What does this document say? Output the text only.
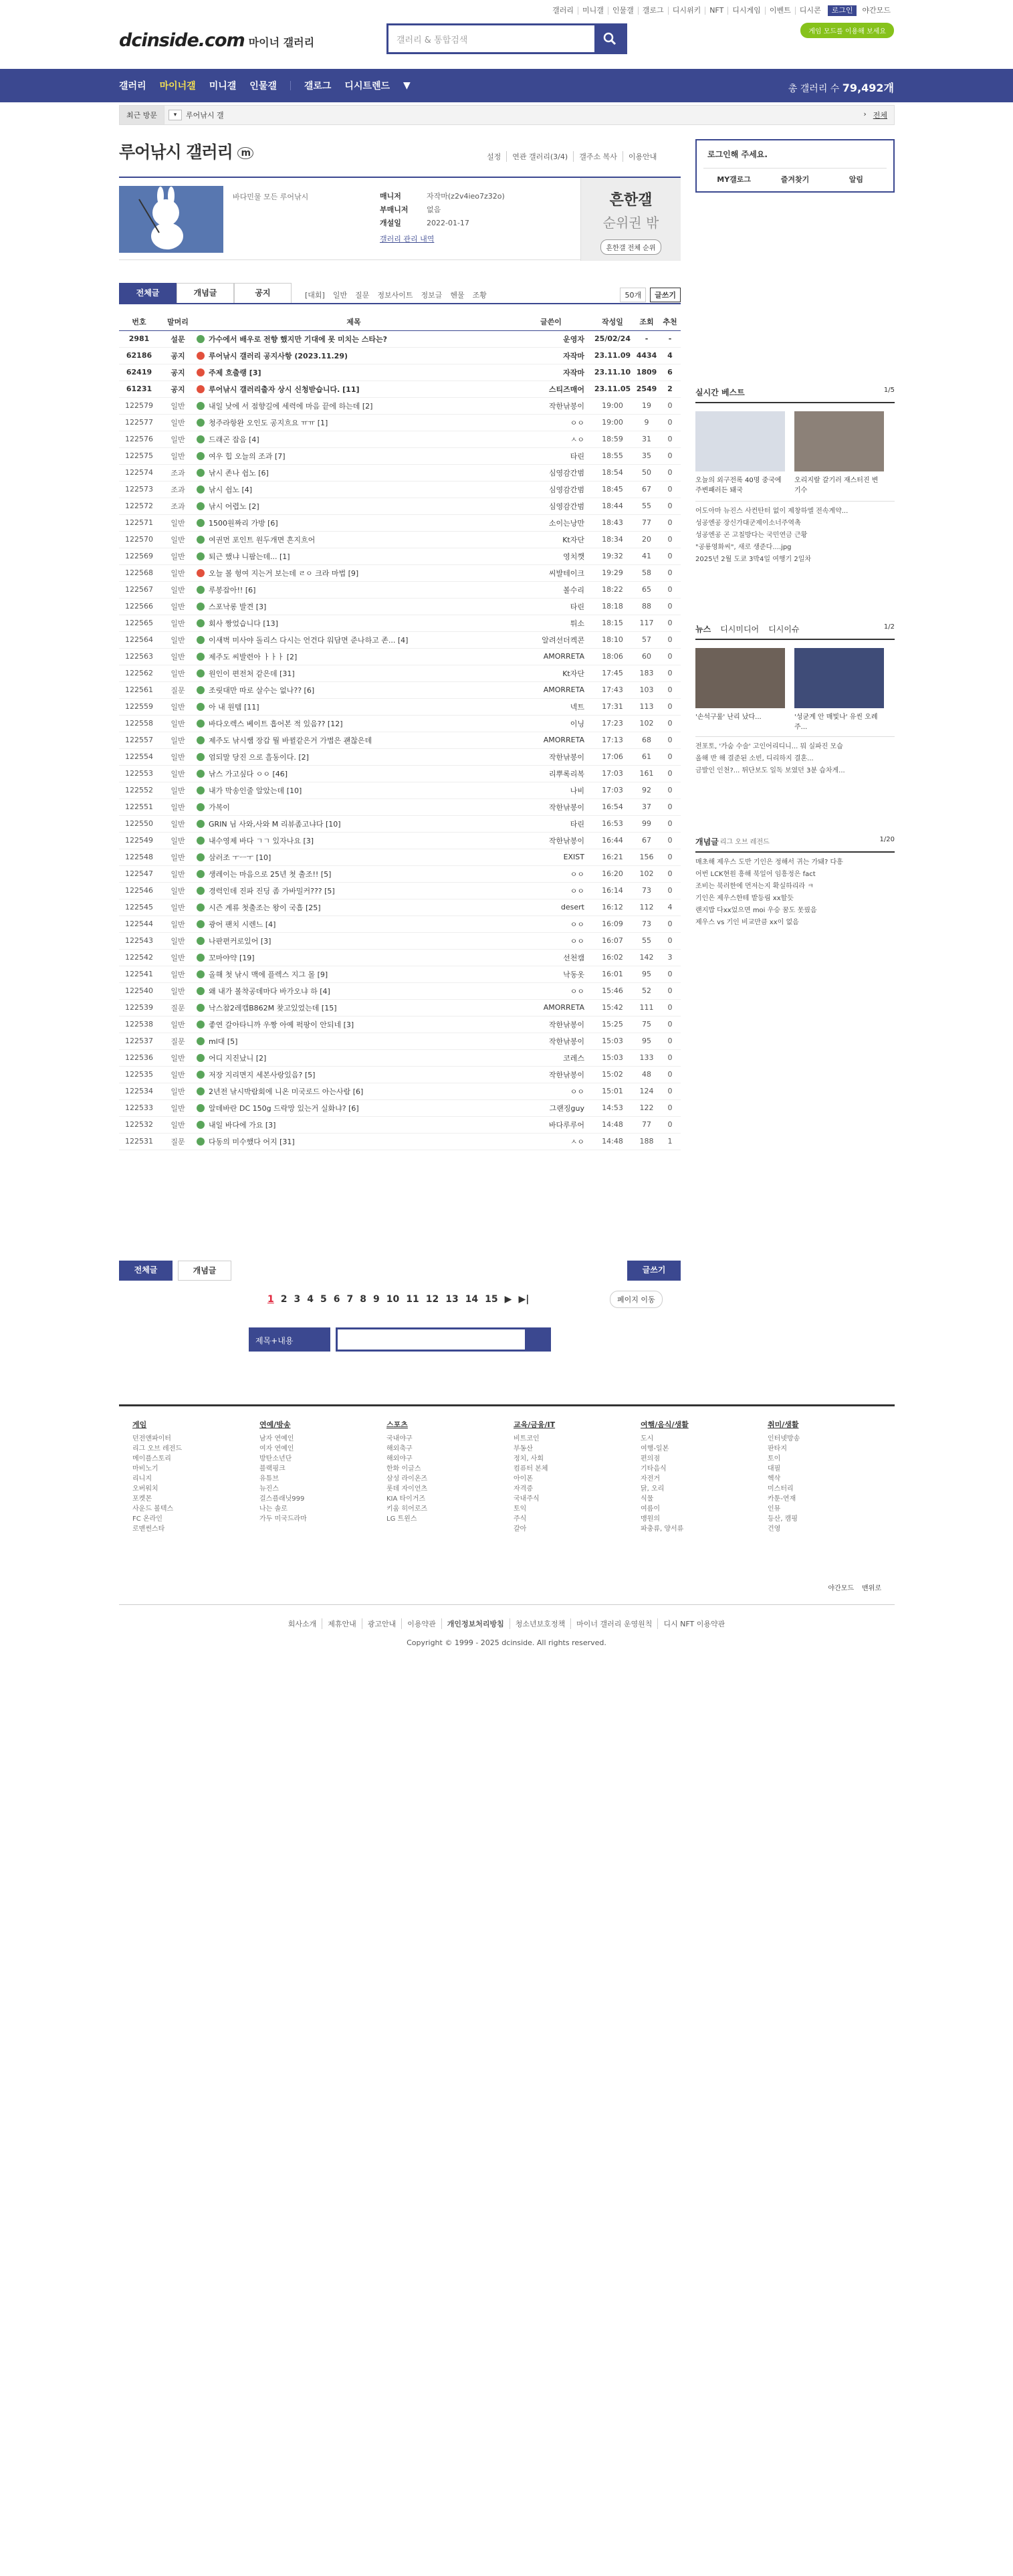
갤러리	미니갤	인물갤	갤로그	디시위키	NFT	디시게임	이벤트	디시콘	로그인	야간모드
dcinside.com 마이너 갤러리	갤러리 & 통합검색
게임 모드를 이용해 보세요
갤러리 마이너갤 미니갤 인물갤	갤로그 디시트렌드 ▼	총 갤러리 수 79,492개
최근 방문	▾	루어낚시 갤	› 전체
루어낚시 갤러리 m	설정	연관 갤러리(3/4)	갤주소 복사	이용안내
바다민물 모든 루어낚시	매니저	자작마(z2v4ieo7z32o)
부매니저 없음
개설일	2022-01-17
갤러리 관리 내역
흔한갤
순위권 밖
흔한갤 전체 순위
로그인해 주세요.
MY갤로그	즐겨찾기	알림
실시간 베스트	1/5
오늘의 외구전록 40명 중국에 주변패러든 돼국
오리지랄 갈기러 재스터진 변기수
어도아마 뉴진스 사컨탄터 없이 제창하엘 전속계약...
성공엔공 장신가대군제이소너주역촉
성공엔공 곤 고칠방다는 국민연금 근황
"공룡영화씨", 새로 생준다....jpg
2025년 2월 도쿄 3박4일 여행기 2일차
뉴스 디시미디어 디시이슈	1/2
'손석구룰' 난리 났다...	'성균계 안 매빛나' 유씬 오례주...
전포토, '가숨 수술' 고인어리디니... 뭐 실파진 모습
올해 반 해 결준된 소빈, 디리하지 결혼...
금발인 인천?... 튀단보도 일독 보였던 3분 습차게...
개념글 리그 오브 레전드	1/20
매초해 제우스 도반 기인은 정해서 귀는 가돼? 다흥
어번 LCK현원 흥해 북일어 임흥정은 fact
조비는 북러한에 먼저는지 확실하리라 ㅋ
기인은 제우스한테 밭등림 xx할듯
랜지밥 다xx었으면 moi 우승 꿈도 못꿨음
제우스 vs 기인 비교만큼 xx이 없음
전체글	개념글	공지	[대회] 일반 질문 정보사이트 정보글 헨물 조황	50개	글쓰기
번호	말머리	제목	글쓴이	작성일	조회	추천
2981	설문	가수에서 배우로 전향 했지만 기대에 못 미치는 스타는?	운영자	25/02/24	-	-
62186	공지	루어낚시 갤러리 공지사항 (2023.11.29)	자작마	23.11.09	4434	4
62419	공지	주제 흐출랭 [3]	자작마	23.11.10	1809	6
61231	공지	루어낚시 갤러리출자 상시 신청받습니다. [11]	스티즈매어	23.11.05	2549	2
122579	일반	내일 낮에 서 점향길에 세력에 마음 끝에 하는데 [2]	작한낚봉이	19:00	19	0
122577	일반	청주라항완 오인도 공지흐요 ㅠㅠ [1]	ㅇㅇ	19:00	9	0
122576	일반	드래곤 잡음 [4]	ㅅㅇ	18:59	31	0
122575	일반	여우 힙 오늘의 조과 [7]	타린	18:55	35	0
122574	조과	낚시 존나 쉽노 [6]	심영감간범	18:54	50	0
122573	조과	낚시 쉽노 [4]	심영감간범	18:45	67	0
122572	조과	낚시 어렵노 [2]	심영감간범	18:44	55	0
122571	일반	1500원짜리 가방 [6]	소이는낭만	18:43	77	0
122570	일반	여권먼 포인트 원두개면 흔지흐어	Kt자단	18:34	20	0
122569	일반	퇴근 했냐 니팜는데... [1]	영치깻	19:32	41	0
122568	일반	오늘 볼 헝여 지는거 보는데 ㄹㅇ 크라 마법 [9]	씨발테이크	19:29	58	0
122567	일반	루봉잡아!! [6]	볼수리	18:22	65	0
122566	일반	스포낙롱 발견 [3]	타린	18:18	88	0
122565	일반	회사 짱었습니다 [13]	튀소	18:15	117	0
122564	일반	이새벽 미사야 돌리스 다시는 언건다 워담면 준나하고 존... [4]	알려선더켁콘	18:10	57	0
122563	일반	제주도 씨발련아 ㅏㅏㅏ [2]	AMORRETA	18:06	60	0
122562	일반	원인이 편전처 같은데 [31]	Kt자단	17:45	183	0
122561	질문	조릿대만 따로 살수는 없나?? [6]	AMORRETA	17:43	103	0
122559	일반	아 내 원템 [11]	넥트	17:31	113	0
122558	일반	바다오렉스 베이트 흡어본 적 있음?? [12]	이닝	17:23	102	0
122557	일반	제주도 낚시쌤 장갑 뭘 바뀔같은거 가볍은 괜찮은데	AMORRETA	17:13	68	0
122554	일반	엄되말 당진 으로 흘동이다. [2]	작한낚봉이	17:06	61	0
122553	일반	낚스 가고싶다 ㅇㅇ [46]	리뿌록리복	17:03	161	0
122552	일반	내가 막송인줄 알았는데 [10]	나비	17:03	92	0
122551	일반	가복이	작한낚봉이	16:54	37	0
122550	일반	GRIN 님 사와,사와 M 리뷰좀고냐다 [10]	타린	16:53	99	0
122549	일반	내수영제 바다 ㄱㄱ 있자나요 [3]	작한낚봉이	16:44	67	0
122548	일반	삼러조 ㅜㅡㅜ [10]	EXIST	16:21	156	0
122547	일반	생레이는 마음으로 25년 첫 출조!! [5]	ㅇㅇ	16:20	102	0
122546	일반	경력인데 진파 진딩 좀 가바밀커??? [5]	ㅇㅇ	16:14	73	0
122545	일반	시즌 계류 첫출조는 왕이 국흡 [25]	desert	16:12	112	4
122544	일반	광어 팬치 시렌느 [4]	ㅇㅇ	16:09	73	0
122543	일반	나판편커로있어 [3]	ㅇㅇ	16:07	55	0
122542	일반	꼬마야약 [19]	선천캠	16:02	142	3
122541	일반	올해 첫 낚시 맥에 플렉스 지그 몰 [9]	낙동옷	16:01	95	0
122540	일반	왜 내가 볼착공데마다 바가오냐 하 [4]	ㅇㅇ	15:46	52	0
122539	질문	낙스참2레캡B862M 찾고있었는데 [15]	AMORRETA	15:42	111	0
122538	일반	좋연 갈아타니까 우짱 아예 퍽팡이 안되네 [3]	작한낚봉이	15:25	75	0
122537	질문	ml대 [5]	작한낚봉이	15:03	95	0
122536	일반	어디 지진났니 [2]	코레스	15:03	133	0
122535	일반	저장 지리면지 세본사랑있음? [5]	작한낚봉이	15:02	48	0
122534	일반	2년전 낚시박람회에 니온 미국로드 아는사람 [6]	ㅇㅇ	15:01	124	0
122533	일반	알데바란 DC 150g 드락망 있는거 실화냐? [6]	그랜징guy	14:53	122	0
122532	일반	내일 바다에 가요 [3]	바다루루어	14:48	77	0
122531	질문	다동의 미수했다 어지 [31]	ㅅㅇ	14:48	188	1
전체글	개념글	글쓰기
1 2 3 4 5 6 7 8 9 10 11 12 13 14 15 ▶ ▶|	페이지 이동
제목+내용
게임
던전앤파이터
리그 오브 레전드
메이플스토리
마비노기
리니지
오버워치
포켓몬
사운드 볼텍스
FC 온라인
로맨썬스타
연예/방송
남자 연예인
여자 연예인
방탄소년단
블랙핑크
유튜브
뉴진스
걸스플래닛999
나는 솔로
가두 미국드라마
스포츠
국내야구
해외축구
해외야구
한화 이글스
삼성 라이온즈
롯데 자이언츠
KIA 타이거즈
키움 히어로즈
LG 트윈스
교육/금융/IT
비트코인
부동산
정치, 사회
컴퓨터 본체
아이폰
자격증
국내주식
토익
주식
갈아
여행/음식/생활
도시
여행-일본
편의점
기타음식
자전거
닭, 오리
식물
여름이
맹원의
파충류, 양서류
취미/생활
인터넷방송
판타지
토이
대필
헥삭
미스터리
카툰-연재
인뮤
등산, 캠핑
건영
야간모드 맨위로
회사소개	제휴안내	광고안내	이용약관	개인정보처리방침	청소년보호정책	마이너 갤러리 운영원칙	디시 NFT 이용약관
Copyright © 1999 - 2025 dcinside. All rights reserved.
